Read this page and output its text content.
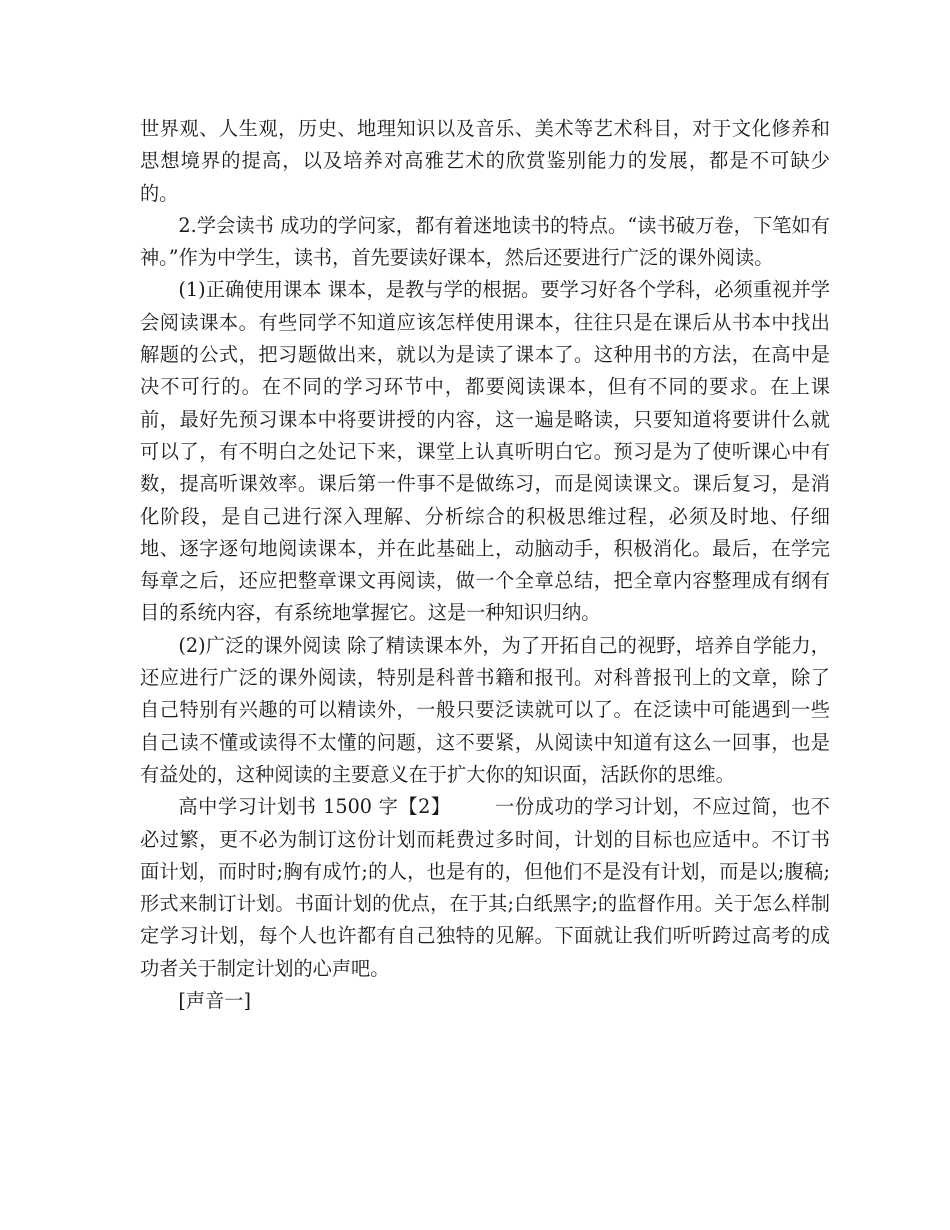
世界观、人生观，历史、地理知识以及音乐、美术等艺术科目，对于文化修养和思想境界的提高，以及培养对高雅艺术的欣赏鉴别能力的发展，都是不可缺少的。

2.学会读书 成功的学问家，都有着迷地读书的特点。“读书破万卷，下笔如有神。”作为中学生，读书，首先要读好课本，然后还要进行广泛的课外阅读。

(1)正确使用课本 课本，是教与学的根据。要学习好各个学科，必须重视并学会阅读课本。有些同学不知道应该怎样使用课本，往往只是在课后从书本中找出解题的公式，把习题做出来，就以为是读了课本了。这种用书的方法，在高中是决不可行的。在不同的学习环节中，都要阅读课本，但有不同的要求。在上课前，最好先预习课本中将要讲授的内容，这一遍是略读，只要知道将要讲什么就可以了，有不明白之处记下来，课堂上认真听明白它。预习是为了使听课心中有数，提高听课效率。课后第一件事不是做练习，而是阅读课文。课后复习，是消化阶段，是自己进行深入理解、分析综合的积极思维过程，必须及时地、仔细地、逐字逐句地阅读课本，并在此基础上，动脑动手，积极消化。最后，在学完每章之后，还应把整章课文再阅读，做一个全章总结，把全章内容整理成有纲有目的系统内容，有系统地掌握它。这是一种知识归纳。

(2)广泛的课外阅读 除了精读课本外，为了开拓自己的视野，培养自学能力，还应进行广泛的课外阅读，特别是科普书籍和报刊。对科普报刊上的文章，除了自己特别有兴趣的可以精读外，一般只要泛读就可以了。在泛读中可能遇到一些自己读不懂或读得不太懂的问题，这不要紧，从阅读中知道有这么一回事，也是有益处的，这种阅读的主要意义在于扩大你的知识面，活跃你的思维。

高中学习计划书 1500 字【2】 一份成功的学习计划，不应过简，也不必过繁，更不必为制订这份计划而耗费过多时间，计划的目标也应适中。不订书面计划，而时时;胸有成竹;的人，也是有的，但他们不是没有计划，而是以;腹稿;形式来制订计划。书面计划的优点，在于其;白纸黑字;的监督作用。关于怎么样制定学习计划，每个人也许都有自己独特的见解。下面就让我们听听跨过高考的成功者关于制定计划的心声吧。

[声音一]
